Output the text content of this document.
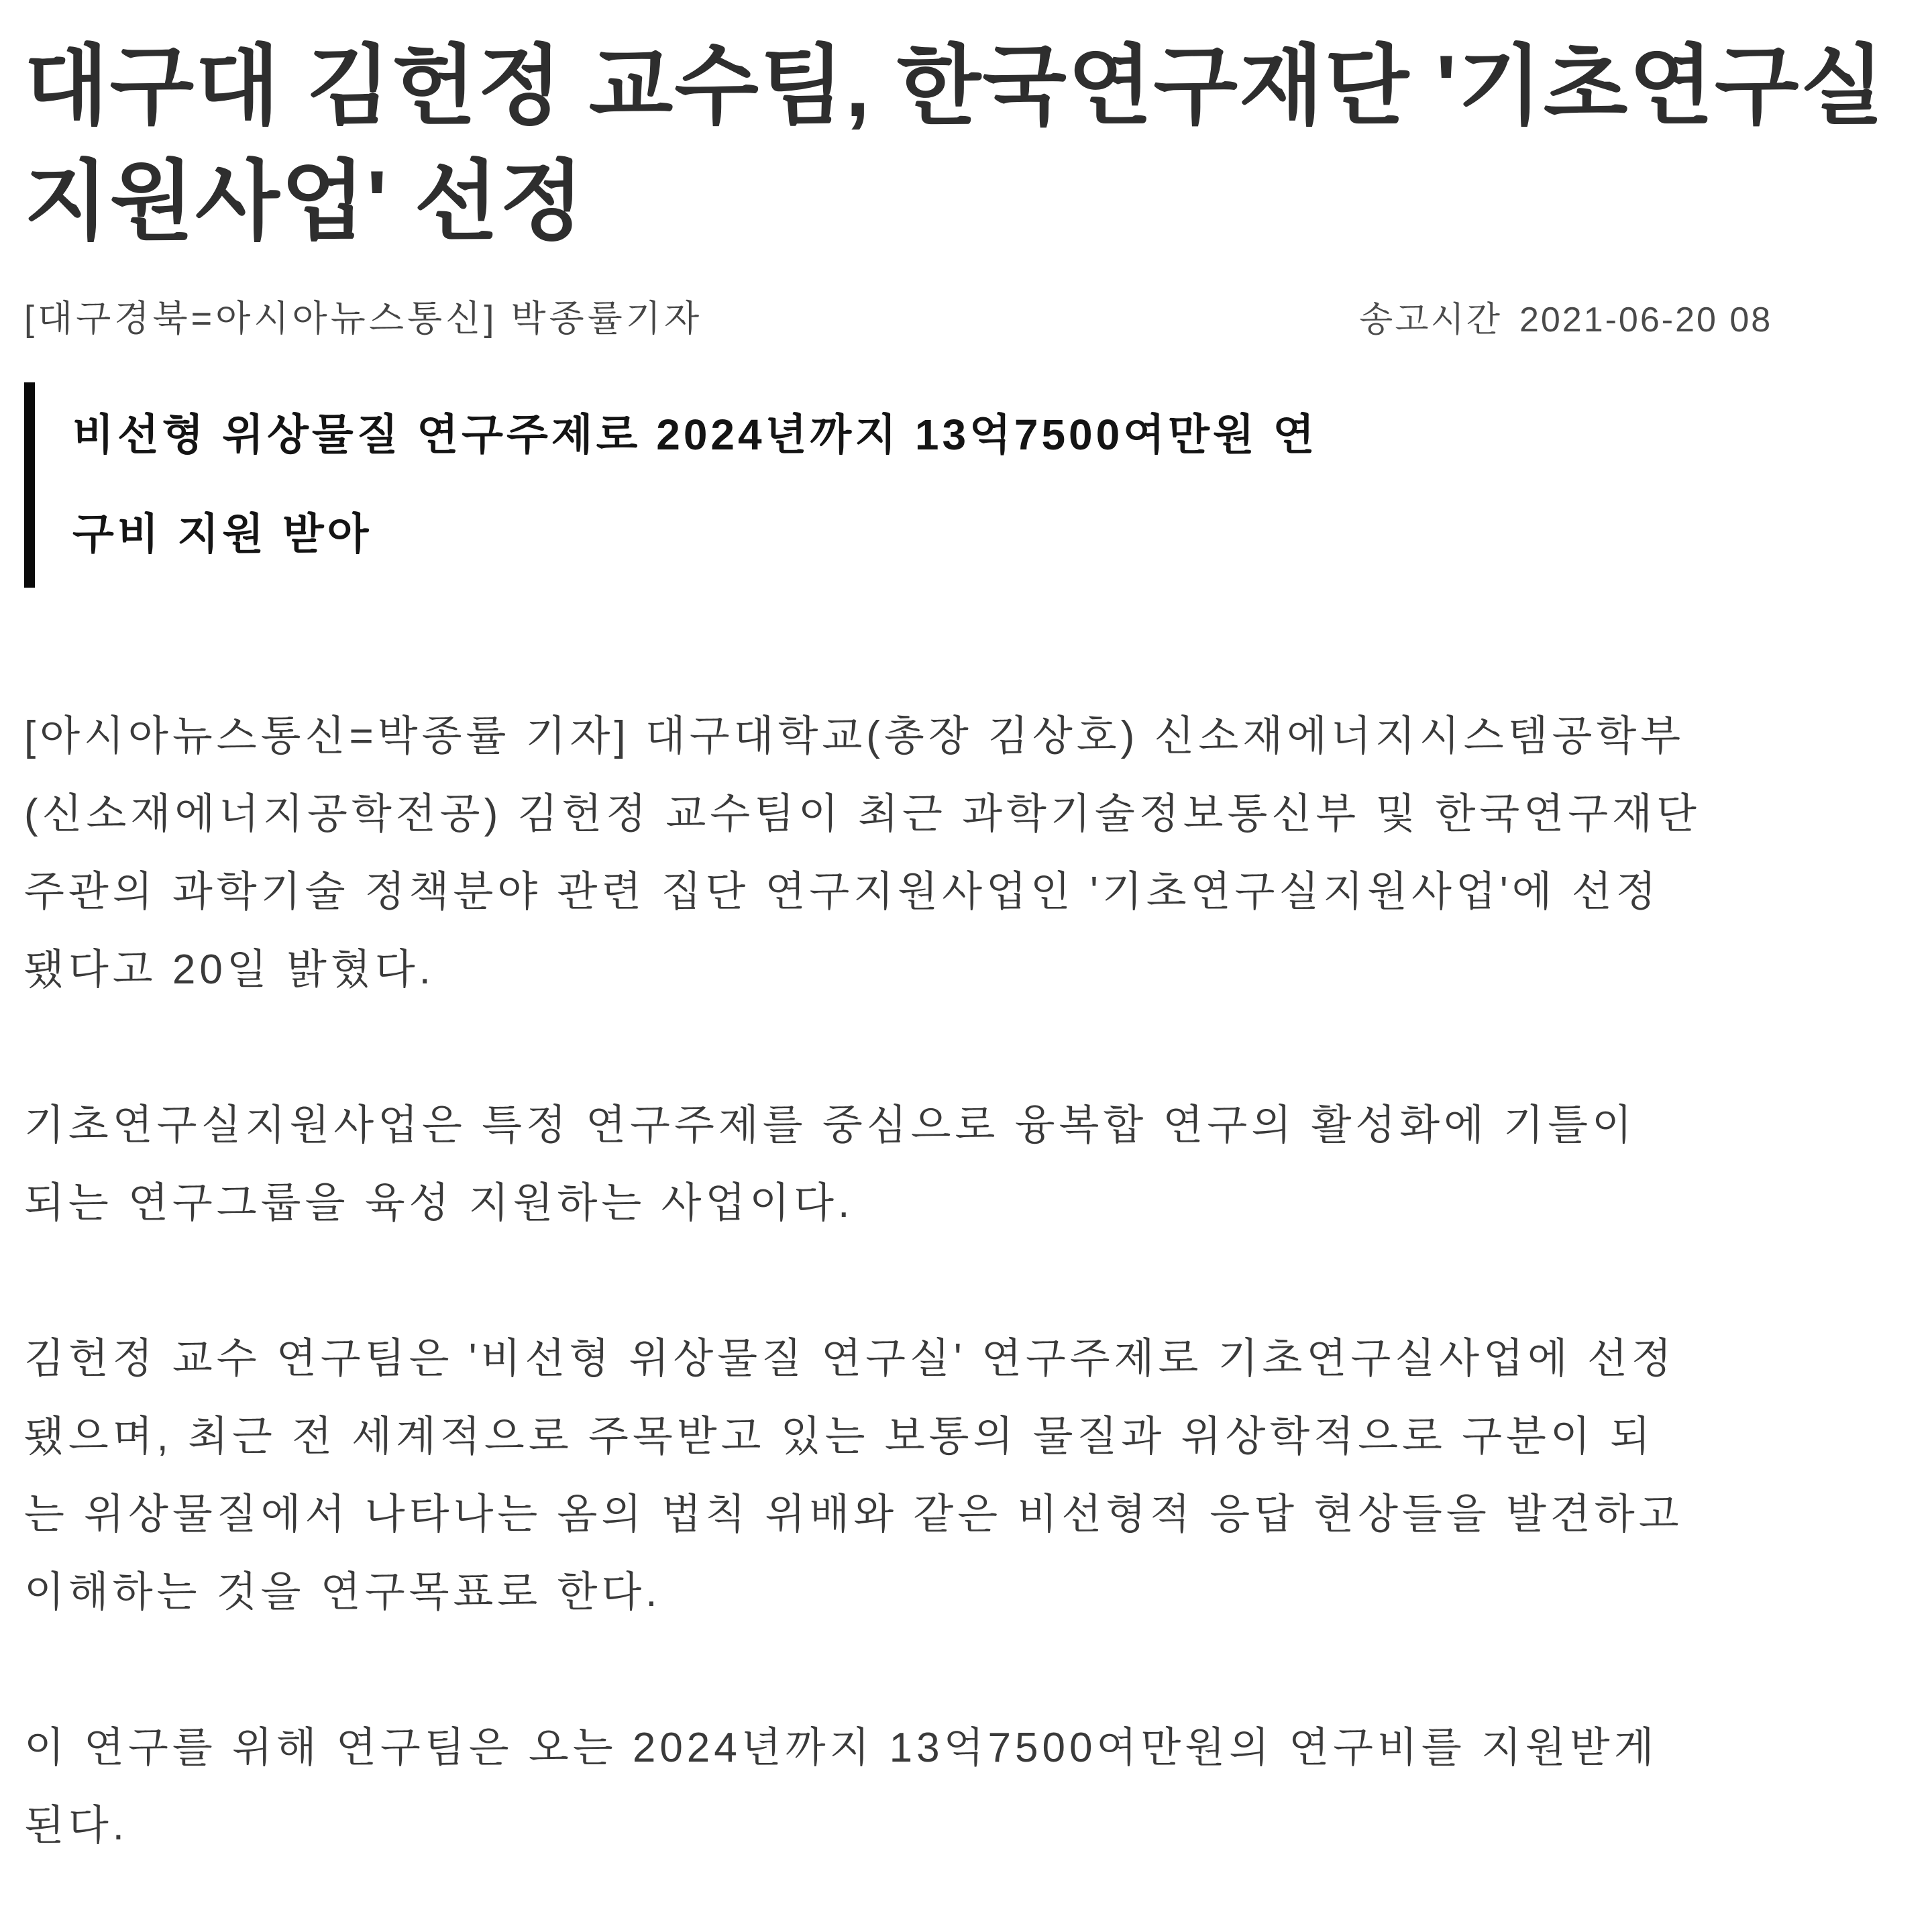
대구대 김헌정 교수팀, 한국연구재단 '기초연구실
지원사업' 선정
[대구경북=아시아뉴스통신] 박종률기자	송고시간 2021-06-20 08
비선형 위상물질 연구주제로 2024년까지 13억7500여만원 연
구비 지원 받아
[아시아뉴스통신=박종률 기자] 대구대학교(총장 김상호) 신소재에너지시스템공학부
(신소재에너지공학전공) 김헌정 교수팀이 최근 과학기술정보통신부 및 한국연구재단
주관의 과학기술 정책분야 관련 집단 연구지원사업인 '기초연구실지원사업'에 선정
됐다고 20일 밝혔다.
기초연구실지원사업은 특정 연구주제를 중심으로 융복합 연구의 활성화에 기틀이
되는 연구그룹을 육성 지원하는 사업이다.
김헌정 교수 연구팀은 '비선형 위상물질 연구실' 연구주제로 기초연구실사업에 선정
됐으며, 최근 전 세계적으로 주목받고 있는 보통의 물질과 위상학적으로 구분이 되
는 위상물질에서 나타나는 옴의 법칙 위배와 같은 비선형적 응답 현상들을 발견하고
이해하는 것을 연구목표로 한다.
이 연구를 위해 연구팀은 오는 2024년까지 13억7500여만원의 연구비를 지원받게
된다.
